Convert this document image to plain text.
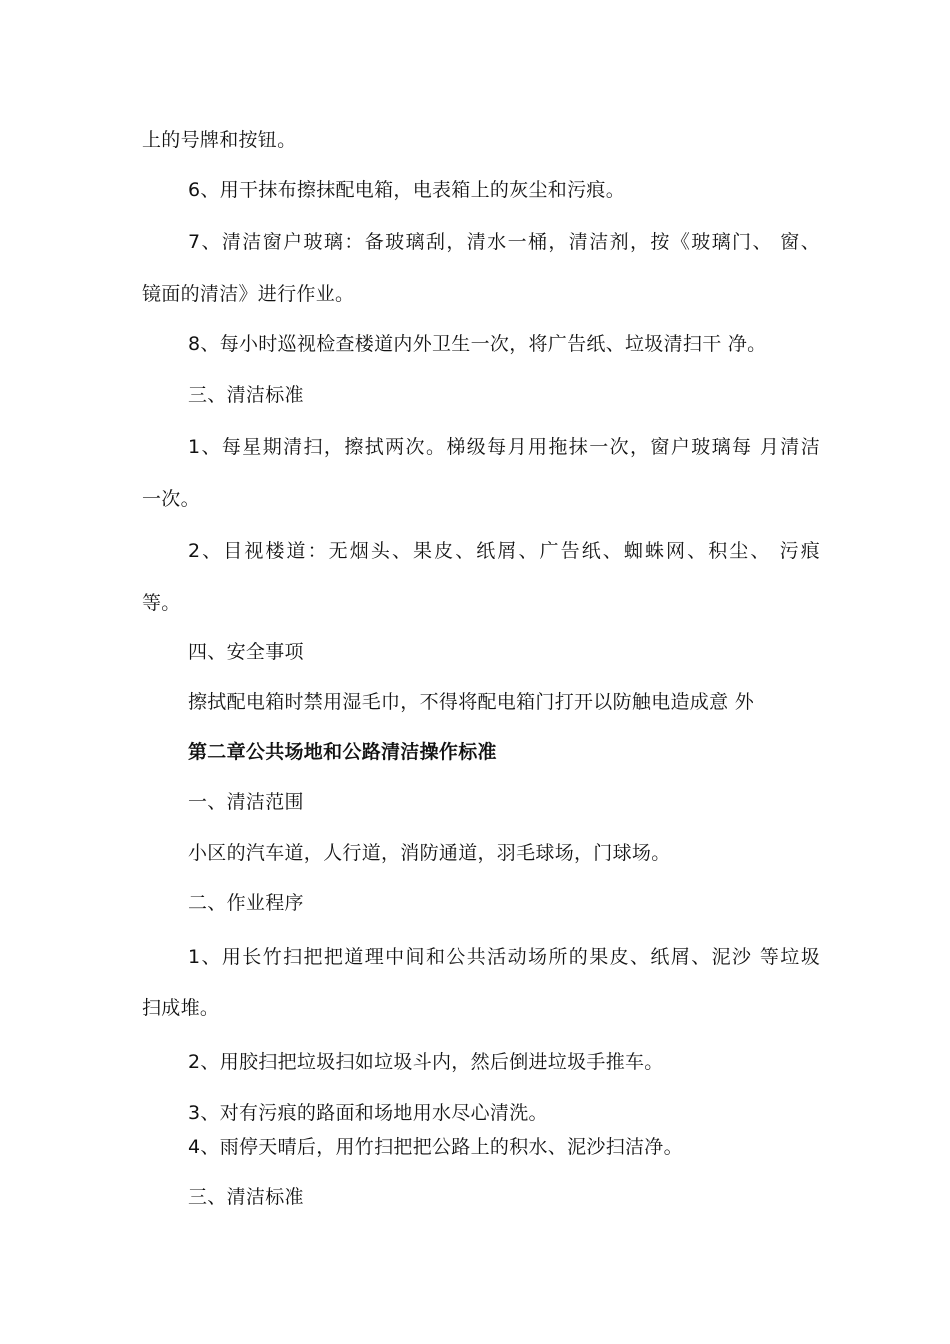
上的号牌和按钮。
6、用干抹布擦抹配电箱，电表箱上的灰尘和污痕。
7、清洁窗户玻璃：备玻璃刮，清水一桶，清洁剂，按《玻璃门、 窗、
镜面的清洁》进行作业。
8、每小时巡视检查楼道内外卫生一次，将广告纸、垃圾清扫干 净。
三、清洁标准
1、每星期清扫，擦拭两次。梯级每月用拖抹一次，窗户玻璃每 月清洁
一次。
2、目视楼道：无烟头、果皮、纸屑、广告纸、蜘蛛网、积尘、 污痕
等。
四、安全事项
擦拭配电箱时禁用湿毛巾，不得将配电箱门打开以防触电造成意 外
第二章公共场地和公路清洁操作标准
一、清洁范围
小区的汽车道，人行道，消防通道，羽毛球场，门球场。
二、作业程序
1、用长竹扫把把道理中间和公共活动场所的果皮、纸屑、泥沙 等垃圾
扫成堆。
2、用胶扫把垃圾扫如垃圾斗内，然后倒进垃圾手推车。
3、对有污痕的路面和场地用水尽心清洗。
4、雨停天晴后，用竹扫把把公路上的积水、泥沙扫洁净。
三、清洁标准
